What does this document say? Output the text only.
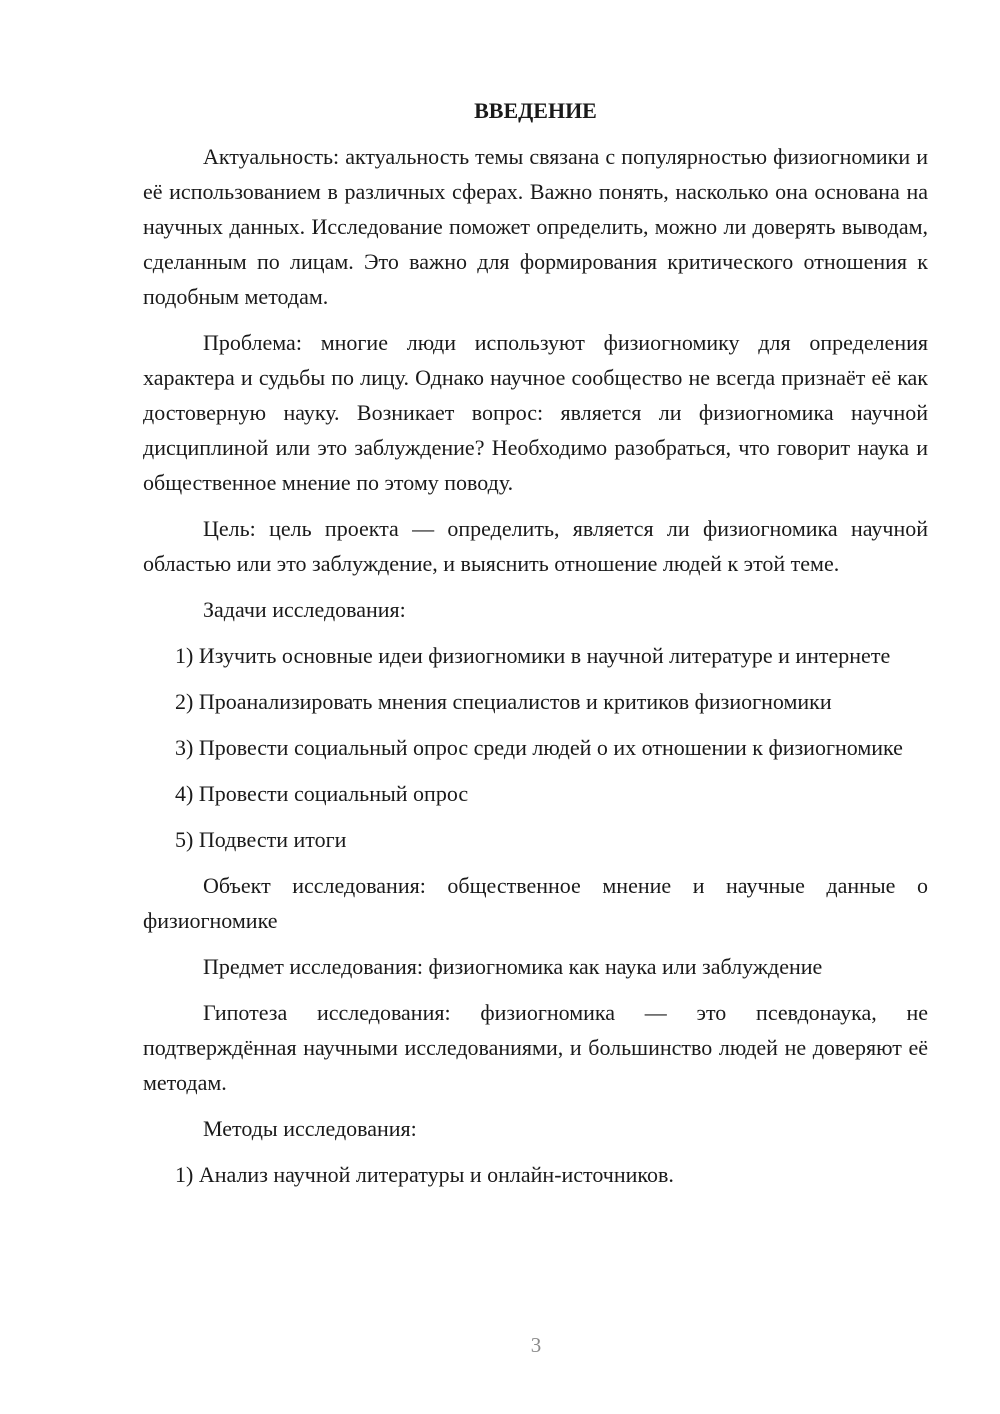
ВВЕДЕНИЕ

Актуальность: актуальность темы связана с популярностью физиогномики и её использованием в различных сферах. Важно понять, насколько она основана на научных данных. Исследование поможет определить, можно ли доверять выводам, сделанным по лицам. Это важно для формирования критического отношения к подобным методам.

Проблема: многие люди используют физиогномику для определения характера и судьбы по лицу. Однако научное сообщество не всегда признаёт её как достоверную науку. Возникает вопрос: является ли физиогномика научной дисциплиной или это заблуждение? Необходимо разобраться, что говорит наука и общественное мнение по этому поводу.

Цель: цель проекта — определить, является ли физиогномика научной областью или это заблуждение, и выяснить отношение людей к этой теме.

Задачи исследования:

1) Изучить основные идеи физиогномики в научной литературе и интернете

2) Проанализировать мнения специалистов и критиков физиогномики

3) Провести социальный опрос среди людей о их отношении к физиогномике

4) Провести социальный опрос

5) Подвести итоги

Объект исследования: общественное мнение и научные данные о физиогномике

Предмет исследования: физиогномика как наука или заблуждение

Гипотеза исследования: физиогномика — это псевдонаука, не подтверждённая научными исследованиями, и большинство людей не доверяют её методам.

Методы исследования:

1) Анализ научной литературы и онлайн-источников.

3
